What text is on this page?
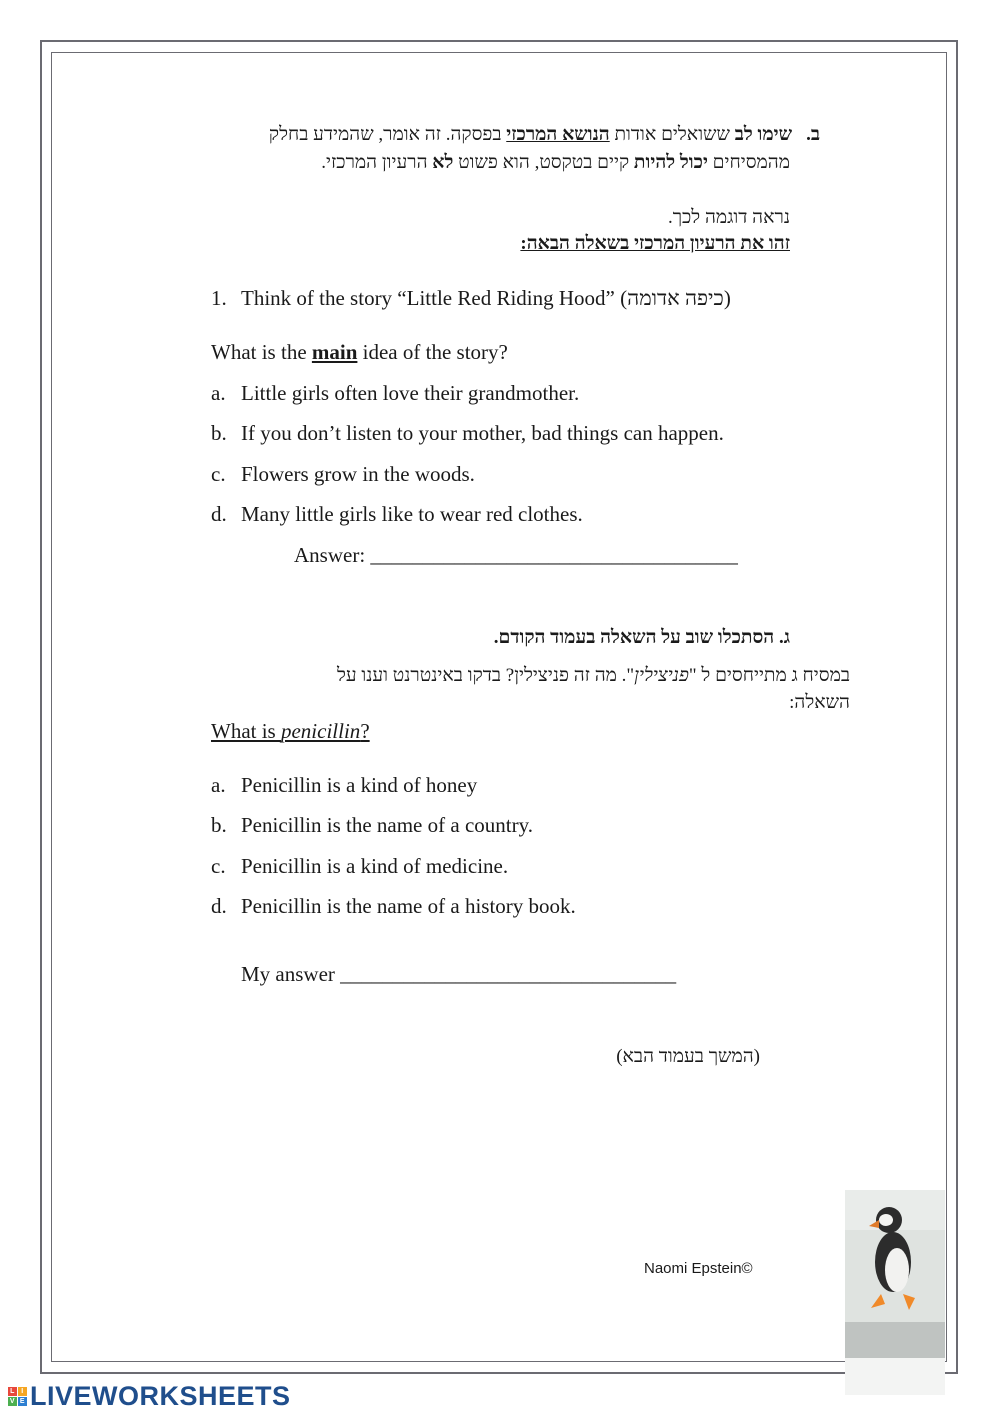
ב.שימו לב ששואלים אודות הנושא המרכזי בפסקה. זה אומר, שהמידע בחלק
מהמסיחים יכול להיות קיים בטקסט, הוא פשוט לא הרעיון המרכזי.
נראה דוגמה לכך.
זהו את הרעיון המרכזי בשאלה הבאה:
1. Think of the story “Little Red Riding Hood” (כיפה אדומה)
What is the main idea of the story?
a. Little girls often love their grandmother.
b. If you don’t listen to your mother, bad things can happen.
c. Flowers grow in the woods.
d. Many little girls like to wear red clothes.
Answer: ___________________________________
ג. הסתכלו שוב על השאלה בעמוד הקודם.
במסיח ג מתייחסים ל "פניצילין". מה זה פניצילין? בדקו באינטרנט וענו על
השאלה:
What is penicillin?
a. Penicillin is a kind of honey
b. Penicillin is the name of a country.
c. Penicillin is a kind of medicine.
d. Penicillin is the name of a history book.
My answer ________________________________
(המשך בעמוד הבא)
Naomi Epstein©
L I
V E LIVEWORKSHEETS
